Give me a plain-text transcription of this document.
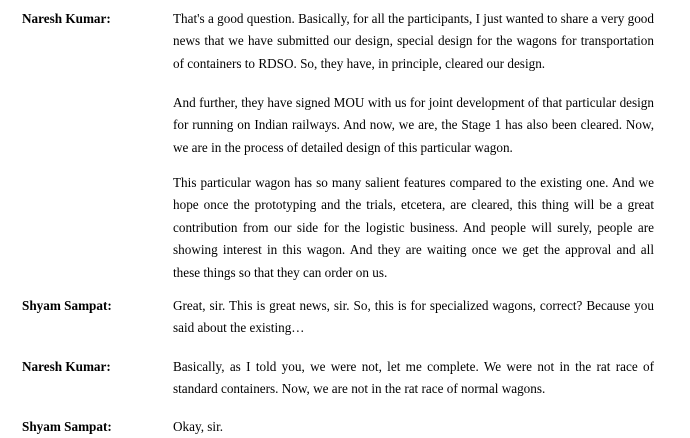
Naresh Kumar:	That's a good question. Basically, for all the participants, I just wanted to share a very good news that we have submitted our design, special design for the wagons for transportation of containers to RDSO. So, they have, in principle, cleared our design.

And further, they have signed MOU with us for joint development of that particular design for running on Indian railways. And now, we are, the Stage 1 has also been cleared. Now, we are in the process of detailed design of this particular wagon.

This particular wagon has so many salient features compared to the existing one. And we hope once the prototyping and the trials, etcetera, are cleared, this thing will be a great contribution from our side for the logistic business. And people will surely, people are showing interest in this wagon. And they are waiting once we get the approval and all these things so that they can order on us.

Shyam Sampat:	Great, sir. This is great news, sir. So, this is for specialized wagons, correct? Because you said about the existing…

Naresh Kumar:	Basically, as I told you, we were not, let me complete. We were not in the rat race of standard containers. Now, we are not in the rat race of normal wagons.

Shyam Sampat:	Okay, sir.
